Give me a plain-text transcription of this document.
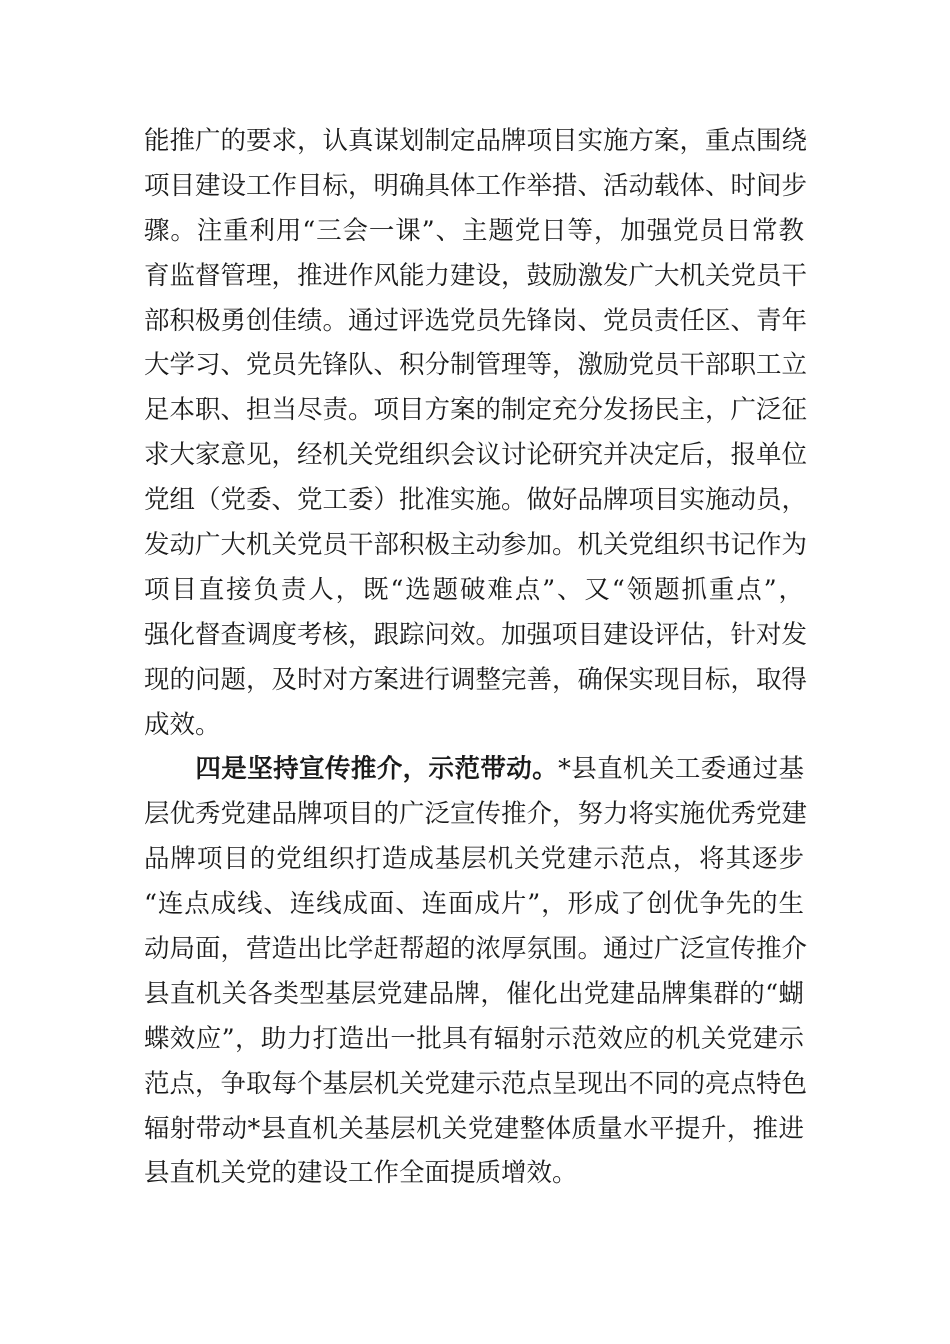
能推广的要求，认真谋划制定品牌项目实施方案，重点围绕
项目建设工作目标，明确具体工作举措、活动载体、时间步
骤。注重利用“三会一课”、主题党日等，加强党员日常教
育监督管理，推进作风能力建设，鼓励激发广大机关党员干
部积极勇创佳绩。通过评选党员先锋岗、党员责任区、青年
大学习、党员先锋队、积分制管理等，激励党员干部职工立
足本职、担当尽责。项目方案的制定充分发扬民主，广泛征
求大家意见，经机关党组织会议讨论研究并决定后，报单位
党组（党委、党工委）批准实施。做好品牌项目实施动员，
发动广大机关党员干部积极主动参加。机关党组织书记作为
项目直接负责人，既“选题破难点”、又“领题抓重点”，
强化督查调度考核，跟踪问效。加强项目建设评估，针对发
现的问题，及时对方案进行调整完善，确保实现目标，取得
成效。
四是坚持宣传推介，示范带动。*县直机关工委通过基
层优秀党建品牌项目的广泛宣传推介，努力将实施优秀党建
品牌项目的党组织打造成基层机关党建示范点，将其逐步
“连点成线、连线成面、连面成片”，形成了创优争先的生
动局面，营造出比学赶帮超的浓厚氛围。通过广泛宣传推介
县直机关各类型基层党建品牌，催化出党建品牌集群的“蝴
蝶效应”，助力打造出一批具有辐射示范效应的机关党建示
范点，争取每个基层机关党建示范点呈现出不同的亮点特色
辐射带动*县直机关基层机关党建整体质量水平提升，推进
县直机关党的建设工作全面提质增效。
